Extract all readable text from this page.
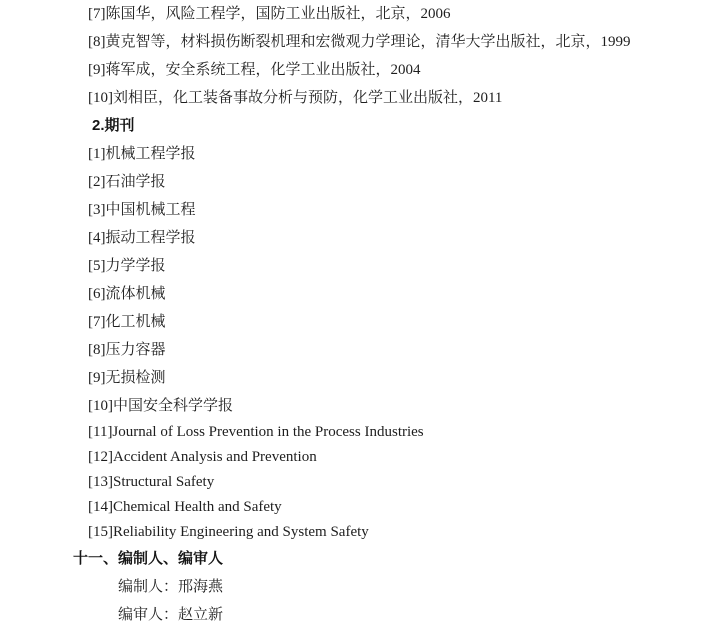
[7]陈国华，风险工程学，国防工业出版社，北京，2006

[8]黄克智等，材料损伤断裂机理和宏微观力学理论，清华大学出版社，北京，1999

[9]蒋军成，安全系统工程，化学工业出版社，2004

[10]刘相臣，化工装备事故分析与预防，化学工业出版社，2011

2.期刊

[1]机械工程学报

[2]石油学报

[3]中国机械工程

[4]振动工程学报

[5]力学学报

[6]流体机械

[7]化工机械

[8]压力容器

[9]无损检测

[10]中国安全科学学报

[11]Journal of Loss Prevention in the Process Industries

[12]Accident Analysis and Prevention

[13]Structural Safety

[14]Chemical Health and Safety

[15]Reliability Engineering and System Safety

十一、编制人、编审人

编制人：邢海燕

编审人：赵立新
